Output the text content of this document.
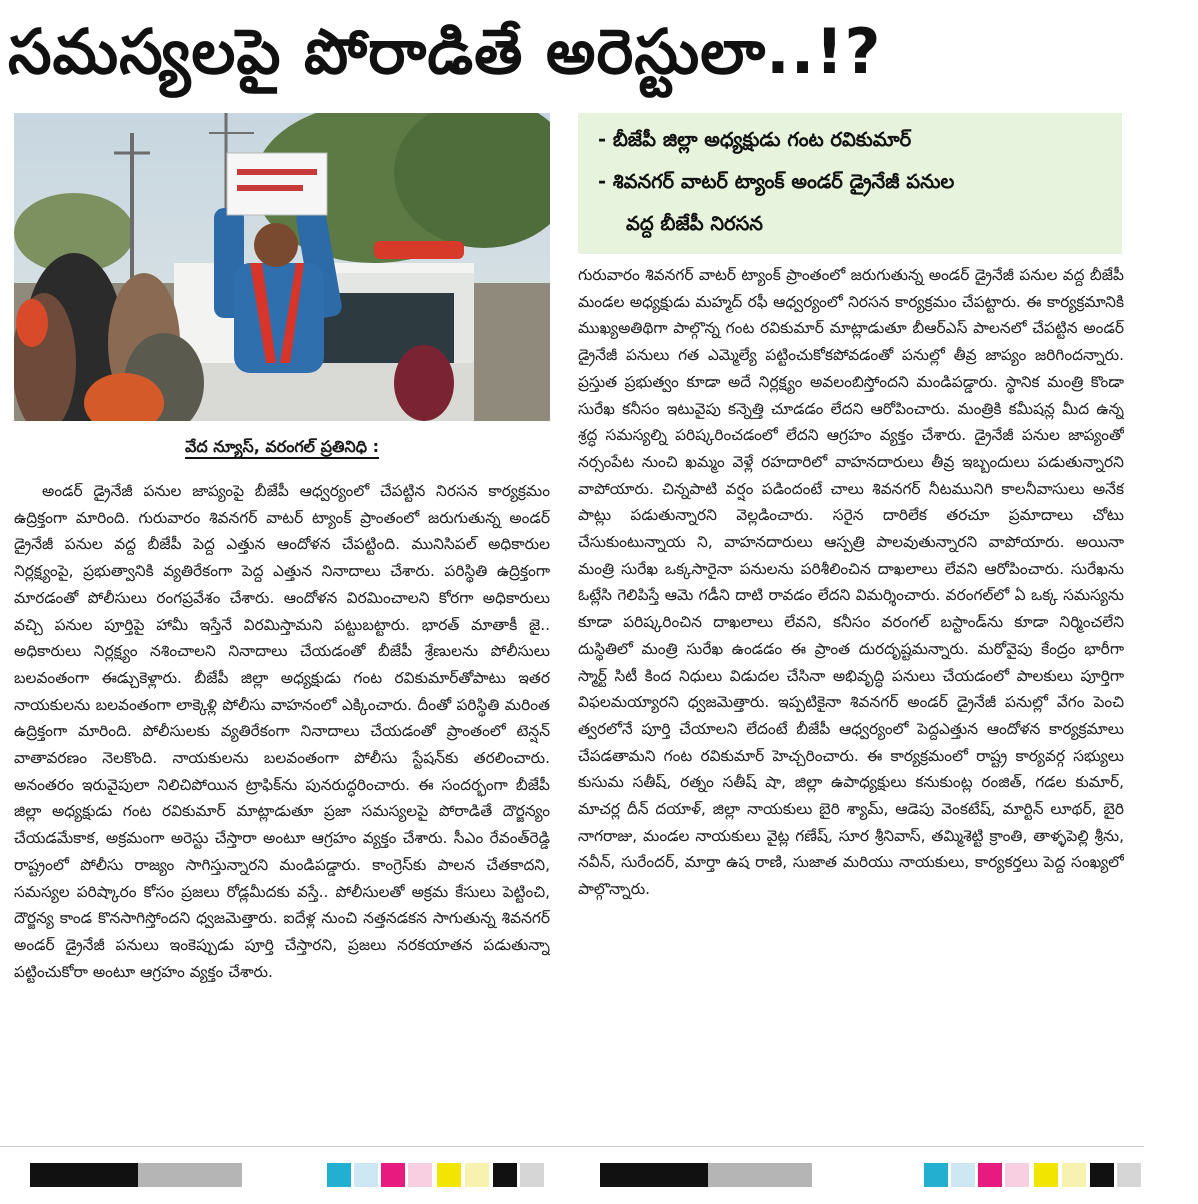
సమస్యలపై పోరాడితే అరెస్టులా..!?
వేద న్యూస్, వరంగల్ ప్రతినిధి :

అండర్ డ్రైనేజీ పనుల జాప్యంపై బీజేపీ ఆధ్వర్యంలో చేపట్టిన నిరసన కార్యక్రమం ఉద్రిక్తంగా మారింది. గురువారం శివనగర్ వాటర్ ట్యాంక్ ప్రాంతంలో జరుగుతున్న అండర్ డ్రైనేజీ పనుల వద్ద బీజేపీ పెద్ద ఎత్తున ఆందోళన చేపట్టింది. మునిసిపల్ అధికారుల నిర్లక్ష్యంపై, ప్రభుత్వానికి వ్యతిరేకంగా పెద్ద ఎత్తున నినాదాలు చేశారు. పరిస్థితి ఉద్రిక్తంగా మారడంతో పోలీసులు రంగప్రవేశం చేశారు. ఆందోళన విరమించాలని కోరగా అధికారులు వచ్చి పనుల పూర్తిపై హామీ ఇస్తేనే విరమిస్తామని పట్టుబట్టారు. భారత్ మాతాకీ జై.. అధికారులు నిర్లక్ష్యం నశించాలని నినాదాలు చేయడంతో బీజేపీ శ్రేణులను పోలీసులు బలవంతంగా ఈడ్చుకెళ్లారు. బీజేపీ జిల్లా అధ్యక్షుడు గంట రవికుమార్‌తోపాటు ఇతర నాయకులను బలవంతంగా లాక్కెళ్లి పోలీసు వాహనంలో ఎక్కించారు. దీంతో పరిస్థితి మరింత ఉద్రిక్తంగా మారింది. పోలీసులకు వ్యతిరేకంగా నినాదాలు చేయడంతో ప్రాంతంలో టెన్షన్ వాతావరణం నెలకొంది. నాయకులను బలవంతంగా పోలీసు స్టేషన్‌కు తరలించారు. అనంతరం ఇరువైపులా నిలిచిపోయిన ట్రాఫిక్‌ను పునరుద్ధరించారు. ఈ సందర్భంగా బీజేపీ జిల్లా అధ్యక్షుడు గంట రవికుమార్ మాట్లాడుతూ ప్రజా సమస్యలపై పోరాడితే దౌర్జన్యం చేయడమేకాక, అక్రమంగా అరెస్టు చేస్తారా అంటూ ఆగ్రహం వ్యక్తం చేశారు. సీఎం రేవంత్‌రెడ్డి రాష్ట్రంలో పోలీసు రాజ్యం సాగిస్తున్నారని మండిపడ్డారు. కాంగ్రెస్‌కు పాలన చేతకాదని, సమస్యల పరిష్కారం కోసం ప్రజలు రోడ్లమీదకు వస్తే.. పోలీసులతో అక్రమ కేసులు పెట్టించి, దౌర్జన్య కాండ కొనసాగిస్తోందని ధ్వజమెత్తారు. ఐదేళ్ల నుంచి నత్తనడకన సాగుతున్న శివనగర్ అండర్ డ్రైనేజీ పనులు ఇంకెప్పుడు పూర్తి చేస్తారని, ప్రజలు నరకయాతన పడుతున్నా పట్టించుకోరా అంటూ ఆగ్రహం వ్యక్తం చేశారు.

- బీజేపీ జిల్లా అధ్యక్షుడు గంట రవికుమార్
- శివనగర్ వాటర్ ట్యాంక్ అండర్ డ్రైనేజీ పనుల
వద్ద బీజేపీ నిరసన

గురువారం శివనగర్ వాటర్ ట్యాంక్ ప్రాంతంలో జరుగుతున్న అండర్ డ్రైనేజీ పనుల వద్ద బీజేపీ మండల అధ్యక్షుడు మహ్మద్ రఫీ ఆధ్వర్యంలో నిరసన కార్యక్రమం చేపట్టారు. ఈ కార్యక్రమానికి ముఖ్యఅతిథిగా పాల్గొన్న గంట రవికుమార్ మాట్లాడుతూ బీఆర్ఎస్ పాలనలో చేపట్టిన అండర్ డ్రైనేజీ పనులు గత ఎమ్మెల్యే పట్టించుకోకపోవడంతో పనుల్లో తీవ్ర జాప్యం జరిగిందన్నారు. ప్రస్తుత ప్రభుత్వం కూడా అదే నిర్లక్ష్యం అవలంబిస్తోందని మండిపడ్డారు. స్థానిక మంత్రి కొండా సురేఖ కనీసం ఇటువైపు కన్నెత్తి చూడడం లేదని ఆరోపించారు. మంత్రికి కమీషన్ల మీద ఉన్న శ్రద్ధ సమస్యల్ని పరిష్కరించడంలో లేదని ఆగ్రహం వ్యక్తం చేశారు. డ్రైనేజీ పనుల జాప్యంతో నర్సంపేట నుంచి ఖమ్మం వెళ్లే రహదారిలో వాహనదారులు తీవ్ర ఇబ్బందులు పడుతున్నారని వాపోయారు. చిన్నపాటి వర్షం పడిందంటే చాలు శివనగర్ నీటమునిగి కాలనీవాసులు అనేక పాట్లు పడుతున్నారని వెల్లడించారు. సరైన దారిలేక తరచూ ప్రమాదాలు చోటు చేసుకుంటున్నాయ ని, వాహనదారులు ఆస్పత్రి పాలవుతున్నారని వాపోయారు. అయినా మంత్రి సురేఖ ఒక్కసారైనా పనులను పరిశీలించిన దాఖలాలు లేవని ఆరోపించారు. సురేఖను ఓట్లేసి గెలిపిస్తే ఆమె గడీని దాటి రావడం లేదని విమర్శించారు. వరంగల్‌లో ఏ ఒక్క సమస్యను కూడా పరిష్కరించిన దాఖలాలు లేవని, కనీసం వరంగల్ బస్టాండ్‌ను కూడా నిర్మించలేని దుస్థితిలో మంత్రి సురేఖ ఉండడం ఈ ప్రాంత దురదృష్టమన్నారు. మరోవైపు కేంద్రం భారీగా స్మార్ట్ సిటీ కింద నిధులు విడుదల చేసినా అభివృద్ధి పనులు చేయడంలో పాలకులు పూర్తిగా విఫలమయ్యారని ధ్వజమెత్తారు. ఇప్పటికైనా శివనగర్ అండర్ డ్రైనేజీ పనుల్లో వేగం పెంచి త్వరలోనే పూర్తి చేయాలని లేదంటే బీజేపీ ఆధ్వర్యంలో పెద్దఎత్తున ఆందోళన కార్యక్రమాలు చేపడతామని గంట రవికుమార్ హెచ్చరించారు. ఈ కార్యక్రమంలో రాష్ట్ర కార్యవర్గ సభ్యులు కుసుమ సతీష్, రత్నం సతీష్ షా, జిల్లా ఉపాధ్యక్షులు కనుకుంట్ల రంజిత్, గడల కుమార్, మాచర్ల దీన్ దయాళ్, జిల్లా నాయకులు బైరి శ్యామ్, ఆడెపు వెంకటేష్, మార్టిన్ లూథర్, బైరి నాగరాజు, మండల నాయకులు వైట్ల గణేష్, సూర శ్రీనివాస్, తమ్మిశెట్టి క్రాంతి, తాళ్ళపెల్లి శ్రీను, నవీన్, సురేందర్, మార్తా ఉష రాణి, సుజాత మరియు నాయకులు, కార్యకర్తలు పెద్ద సంఖ్యలో పాల్గొన్నారు.
